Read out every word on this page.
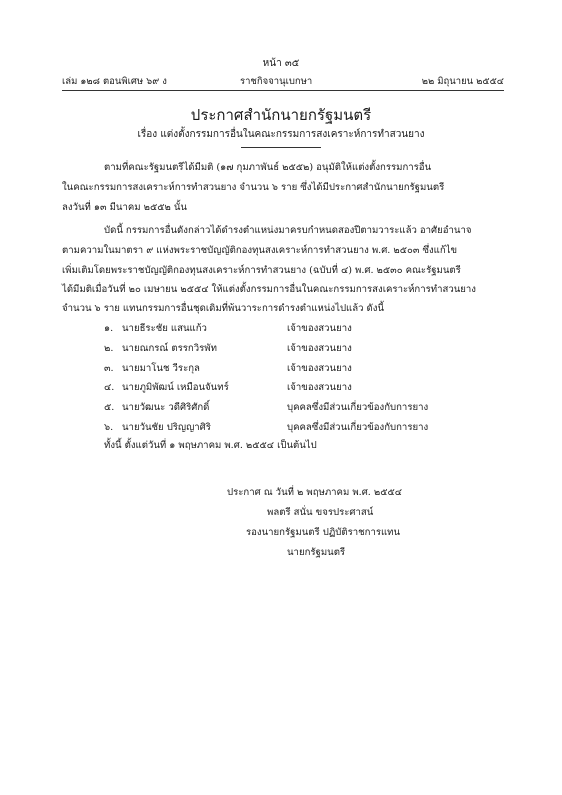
หน้า ๓๕
เล่ม ๑๒๘ ตอนพิเศษ ๖๙ ง	ราชกิจจานุเบกษา	๒๒ มิถุนายน ๒๕๕๔
ประกาศสำนักนายกรัฐมนตรี
เรื่อง แต่งตั้งกรรมการอื่นในคณะกรรมการสงเคราะห์การทำสวนยาง
ตามที่คณะรัฐมนตรีได้มีมติ (๑๗ กุมภาพันธ์ ๒๕๕๒) อนุมัติให้แต่งตั้งกรรมการอื่น
ในคณะกรรมการสงเคราะห์การทำสวนยาง จำนวน ๖ ราย ซึ่งได้มีประกาศสำนักนายกรัฐมนตรี
ลงวันที่ ๑๓ มีนาคม ๒๕๕๒ นั้น
บัดนี้ กรรมการอื่นดังกล่าวได้ดำรงตำแหน่งมาครบกำหนดสองปีตามวาระแล้ว อาศัยอำนาจ
ตามความในมาตรา ๙ แห่งพระราชบัญญัติกองทุนสงเคราะห์การทำสวนยาง พ.ศ. ๒๕๐๓ ซึ่งแก้ไข
เพิ่มเติมโดยพระราชบัญญัติกองทุนสงเคราะห์การทำสวนยาง (ฉบับที่ ๔) พ.ศ. ๒๕๓๐ คณะรัฐมนตรี
ได้มีมติเมื่อวันที่ ๒๐ เมษายน ๒๕๕๔ ให้แต่งตั้งกรรมการอื่นในคณะกรรมการสงเคราะห์การทำสวนยาง
จำนวน ๖ ราย แทนกรรมการอื่นชุดเดิมที่พ้นวาระการดำรงตำแหน่งไปแล้ว ดังนี้
๑. นายธีระชัย แสนแก้ว	เจ้าของสวนยาง
๒. นายณกรณ์ ตรรกวิรพัท	เจ้าของสวนยาง
๓. นายมาโนช วีระกุล	เจ้าของสวนยาง
๔. นายภูมิพัฒน์ เหมือนจันทร์	เจ้าของสวนยาง
๕. นายวัฒนะ วดีศิริศักดิ์	บุคคลซึ่งมีส่วนเกี่ยวข้องกับการยาง
๖. นายวันชัย ปริญญาศิริ	บุคคลซึ่งมีส่วนเกี่ยวข้องกับการยาง
ทั้งนี้ ตั้งแต่วันที่ ๑ พฤษภาคม พ.ศ. ๒๕๕๔ เป็นต้นไป
ประกาศ ณ วันที่ ๒ พฤษภาคม พ.ศ. ๒๕๕๔
พลตรี สนั่น ขจรประศาสน์
รองนายกรัฐมนตรี ปฏิบัติราชการแทน
นายกรัฐมนตรี
